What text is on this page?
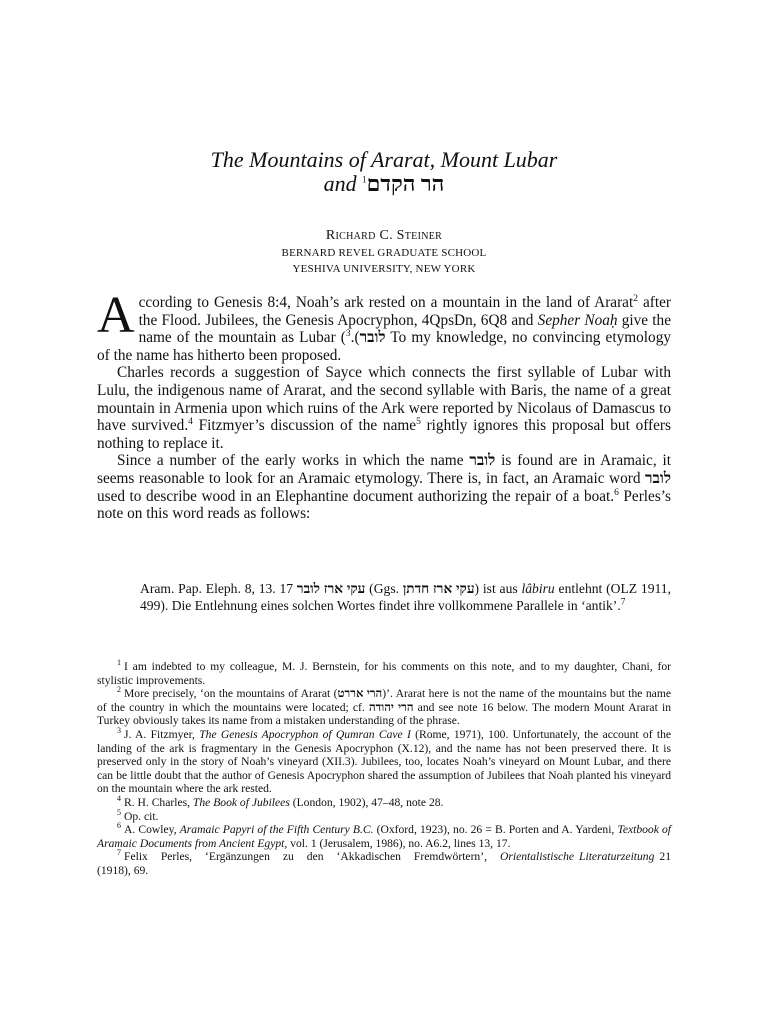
The Mountains of Ararat, Mount Lubar
and הר הקדם$^1$
Richard C. Steiner
BERNARD REVEL GRADUATE SCHOOL
YESHIVA UNIVERSITY, NEW YORK

According to Genesis 8:4, Noah’s ark rested on a mountain in the land of Ararat$^2$ after the Flood. Jubilees, the Genesis Apocryphon, 4QpsDn, 6Q8 and Sepher Noaḥ give the name of the mountain as Lubar ( לובר).$^3$ To my knowledge, no convincing etymology of the name has hitherto been proposed.

Charles records a suggestion of Sayce which connects the first syllable of Lubar with Lulu, the indigenous name of Ararat, and the second syllable with Baris, the name of a great mountain in Armenia upon which ruins of the Ark were reported by Nicolaus of Damascus to have survived.$^4$ Fitzmyer’s discussion of the name$^5$ rightly ignores this proposal but offers nothing to replace it.

Since a number of the early works in which the name לובר is found are in Aramaic, it seems reasonable to look for an Aramaic etymology. There is, in fact, an Aramaic word לובר used to describe wood in an Elephantine document authorizing the repair of a boat.$^6$ Perles’s note on this word reads as follows:

Aram. Pap. Eleph. 8, 13. 17 עקי ארז לובר (Ggs. עקי ארז חדתן) ist aus lâbiru entlehnt (OLZ 1911, 499). Die Entlehnung eines solchen Wortes findet ihre vollkommene Parallele in ‘antik’.$^7$

$^1$ I am indebted to my colleague, M. J. Bernstein, for his comments on this note, and to my daughter, Chani, for stylistic improvements.

$^2$ More precisely, ‘on the mountains of Ararat (הרי אררט)’. Ararat here is not the name of the mountains but the name of the country in which the mountains were located; cf. הרי יהודה and see note 16 below. The modern Mount Ararat in Turkey obviously takes its name from a mistaken understanding of the phrase.

$^3$ J. A. Fitzmyer, The Genesis Apocryphon of Qumran Cave I (Rome, 1971), 100. Unfortunately, the account of the landing of the ark is fragmentary in the Genesis Apocryphon (X.12), and the name has not been preserved there. It is preserved only in the story of Noah’s vineyard (XII.3). Jubilees, too, locates Noah’s vineyard on Mount Lubar, and there can be little doubt that the author of Genesis Apocryphon shared the assumption of Jubilees that Noah planted his vineyard on the mountain where the ark rested.

$^4$ R. H. Charles, The Book of Jubilees (London, 1902), 47–48, note 28.

$^5$ Op. cit.

$^6$ A. Cowley, Aramaic Papyri of the Fifth Century B.C. (Oxford, 1923), no. 26 = B. Porten and A. Yardeni, Textbook of Aramaic Documents from Ancient Egypt, vol. 1 (Jerusalem, 1986), no. A6.2, lines 13, 17.

$^7$ Felix Perles, ‘Ergänzungen zu den ‘Akkadischen Fremdwörtern’, Orientalistische Literaturzeitung 21 (1918), 69.
